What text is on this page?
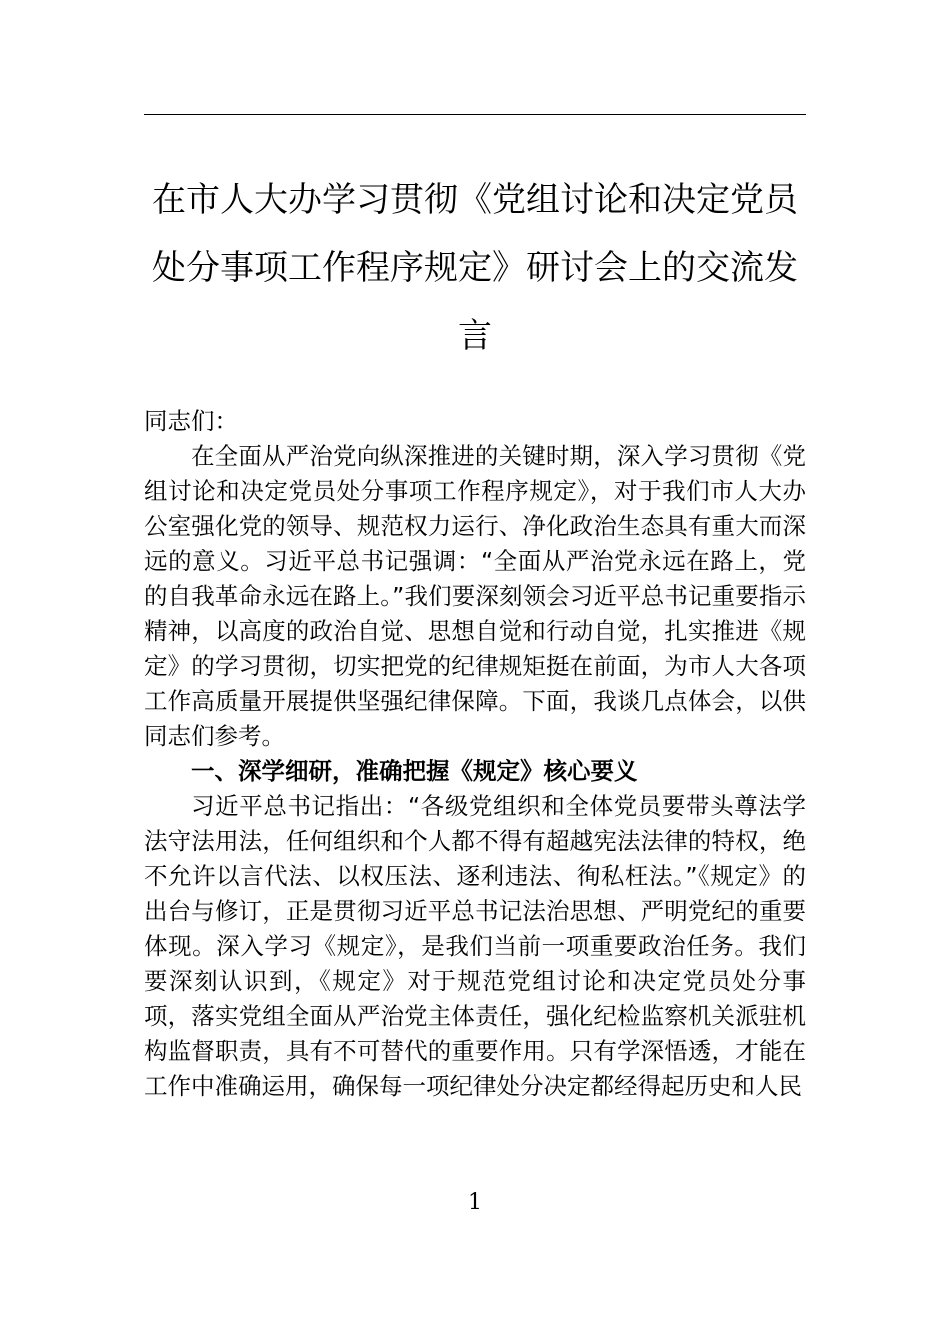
在市人大办学习贯彻《党组讨论和决定党员处分事项工作程序规定》研讨会上的交流发言

同志们：

在全面从严治党向纵深推进的关键时期，深入学习贯彻《党组讨论和决定党员处分事项工作程序规定》，对于我们市人大办公室强化党的领导、规范权力运行、净化政治生态具有重大而深远的意义。习近平总书记强调：“全面从严治党永远在路上，党的自我革命永远在路上。”我们要深刻领会习近平总书记重要指示精神，以高度的政治自觉、思想自觉和行动自觉，扎实推进《规定》的学习贯彻，切实把党的纪律规矩挺在前面，为市人大各项工作高质量开展提供坚强纪律保障。下面，我谈几点体会，以供同志们参考。

一、深学细研，准确把握《规定》核心要义

习近平总书记指出：“各级党组织和全体党员要带头尊法学法守法用法，任何组织和个人都不得有超越宪法法律的特权，绝不允许以言代法、以权压法、逐利违法、徇私枉法。”《规定》的出台与修订，正是贯彻习近平总书记法治思想、严明党纪的重要体现。深入学习《规定》，是我们当前一项重要政治任务。我们要深刻认识到，《规定》对于规范党组讨论和决定党员处分事项，落实党组全面从严治党主体责任，强化纪检监察机关派驻机构监督职责，具有不可替代的重要作用。只有学深悟透，才能在工作中准确运用，确保每一项纪律处分决定都经得起历史和人民

1
